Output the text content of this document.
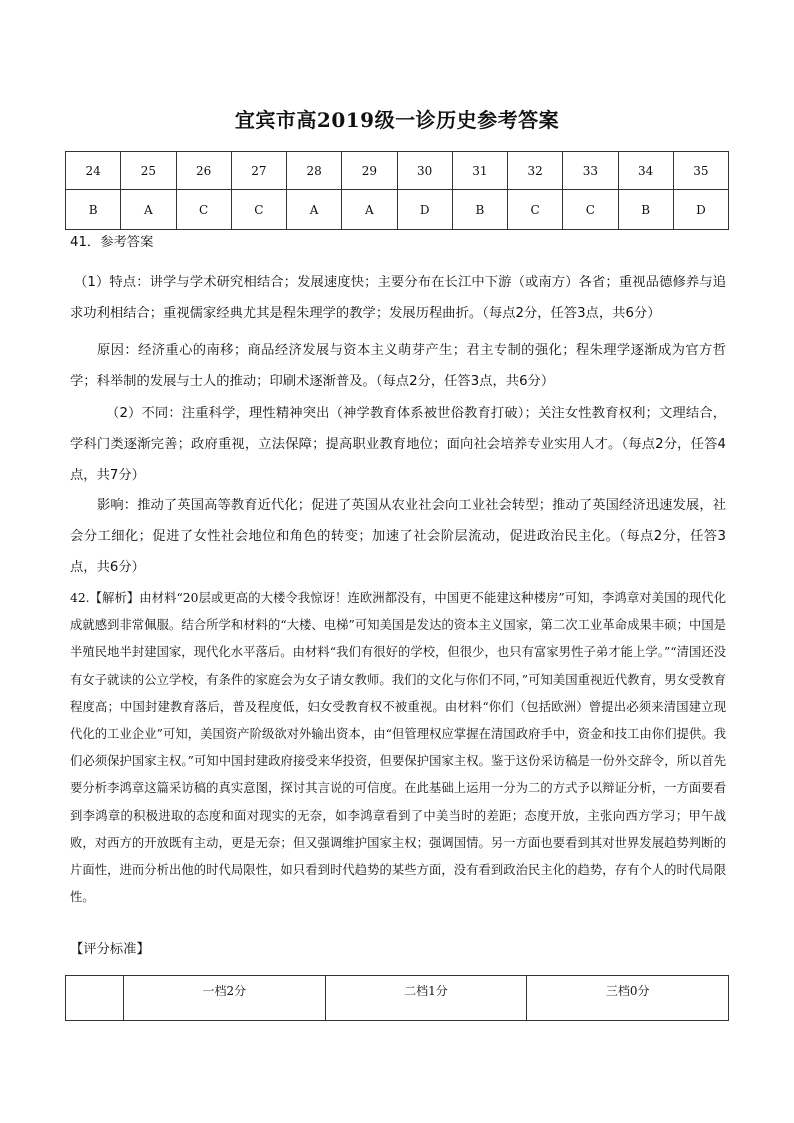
宜宾市高2019级一诊历史参考答案
24	25	26	27	28	29	30	31	32	33	34	35
B	A	C	C	A	A	D	B	C	C	B	D

41．参考答案

（1）特点：讲学与学术研究相结合；发展速度快；主要分布在长江中下游（或南方）各省；重视品德修养与追求功利相结合；重视儒家经典尤其是程朱理学的教学；发展历程曲折。（每点2分，任答3点，共6分）

原因：经济重心的南移；商品经济发展与资本主义萌芽产生；君主专制的强化；程朱理学逐渐成为官方哲学；科举制的发展与士人的推动；印刷术逐渐普及。（每点2分，任答3点，共6分）

（2）不同：注重科学，理性精神突出（神学教育体系被世俗教育打破）；关注女性教育权利；文理结合，学科门类逐渐完善；政府重视，立法保障；提高职业教育地位；面向社会培养专业实用人才。（每点2分，任答4点，共7分）

影响：推动了英国高等教育近代化；促进了英国从农业社会向工业社会转型；推动了英国经济迅速发展，社会分工细化；促进了女性社会地位和角色的转变；加速了社会阶层流动，促进政治民主化。（每点2分，任答3点，共6分）

42.【解析】由材料“20层或更高的大楼令我惊讶！连欧洲都没有，中国更不能建这种楼房”可知，李鸿章对美国的现代化成就感到非常佩服。结合所学和材料的“大楼、电梯”可知美国是发达的资本主义国家，第二次工业革命成果丰硕；中国是半殖民地半封建国家，现代化水平落后。由材料“我们有很好的学校，但很少，也只有富家男性子弟才能上学。”“清国还没有女子就读的公立学校，有条件的家庭会为女子请女教师。我们的文化与你们不同，”可知美国重视近代教育，男女受教育程度高；中国封建教育落后，普及程度低，妇女受教育权不被重视。由材料“你们（包括欧洲）曾提出必须来清国建立现代化的工业企业”可知，美国资产阶级欲对外输出资本，由“但管理权应掌握在清国政府手中，资金和技工由你们提供。我们必须保护国家主权。”可知中国封建政府接受来华投资，但要保护国家主权。鉴于这份采访稿是一份外交辞令，所以首先要分析李鸿章这篇采访稿的真实意图，探讨其言说的可信度。在此基础上运用一分为二的方式予以辩证分析，一方面要看到李鸿章的积极进取的态度和面对现实的无奈，如李鸿章看到了中美当时的差距；态度开放，主张向西方学习；甲午战败，对西方的开放既有主动，更是无奈；但又强调维护国家主权；强调国情。另一方面也要看到其对世界发展趋势判断的片面性，进而分析出他的时代局限性，如只看到时代趋势的某些方面，没有看到政治民主化的趋势，存有个人的时代局限性。

【评分标准】

	一档2分	二档1分	三档0分
